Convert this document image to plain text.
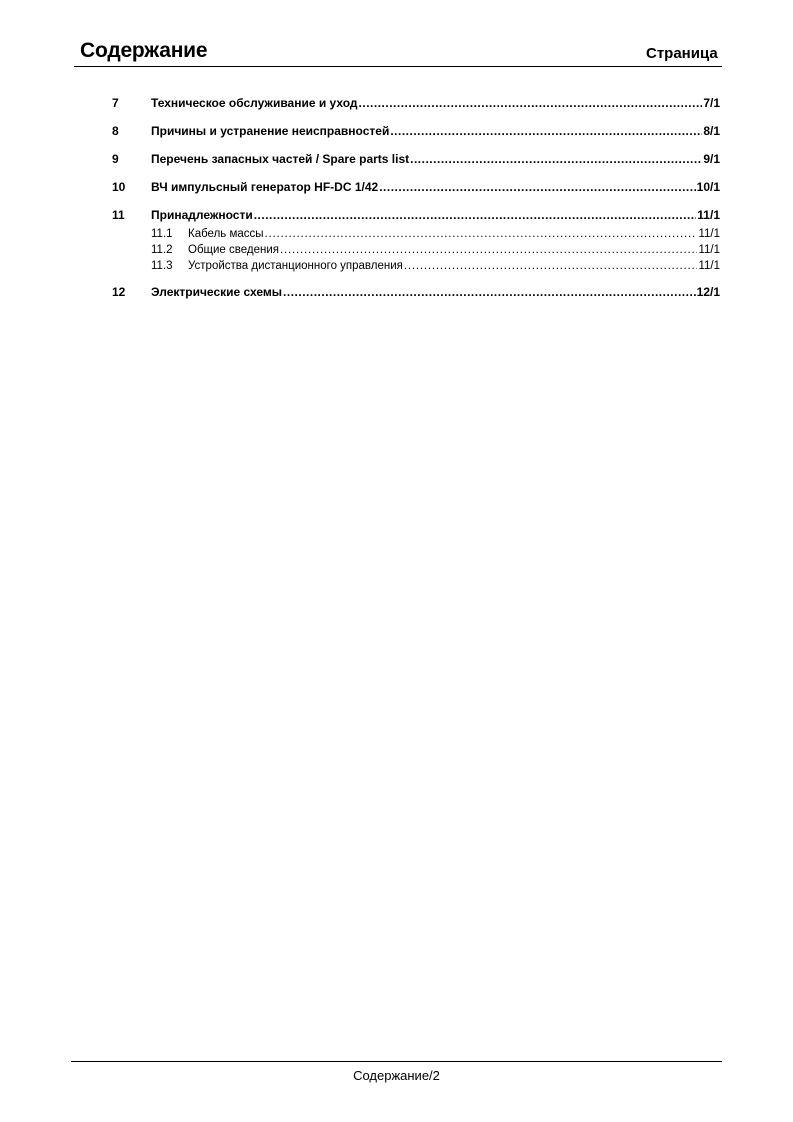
Содержание	Страница
7	Техническое обслуживание и уход .....	7/1
8	Причины и устранение неисправностей .....	8/1
9	Перечень запасных частей / Spare parts list .....	9/1
10	ВЧ импульсный генератор HF-DC 1/42 .....	10/1
11	Принадлежности .....	11/1
11.1	Кабель массы .....	11/1
11.2	Общие сведения .....	11/1
11.3	Устройства дистанционного управления .....	11/1
12	Электрические схемы .....	12/1
Содержание/2
